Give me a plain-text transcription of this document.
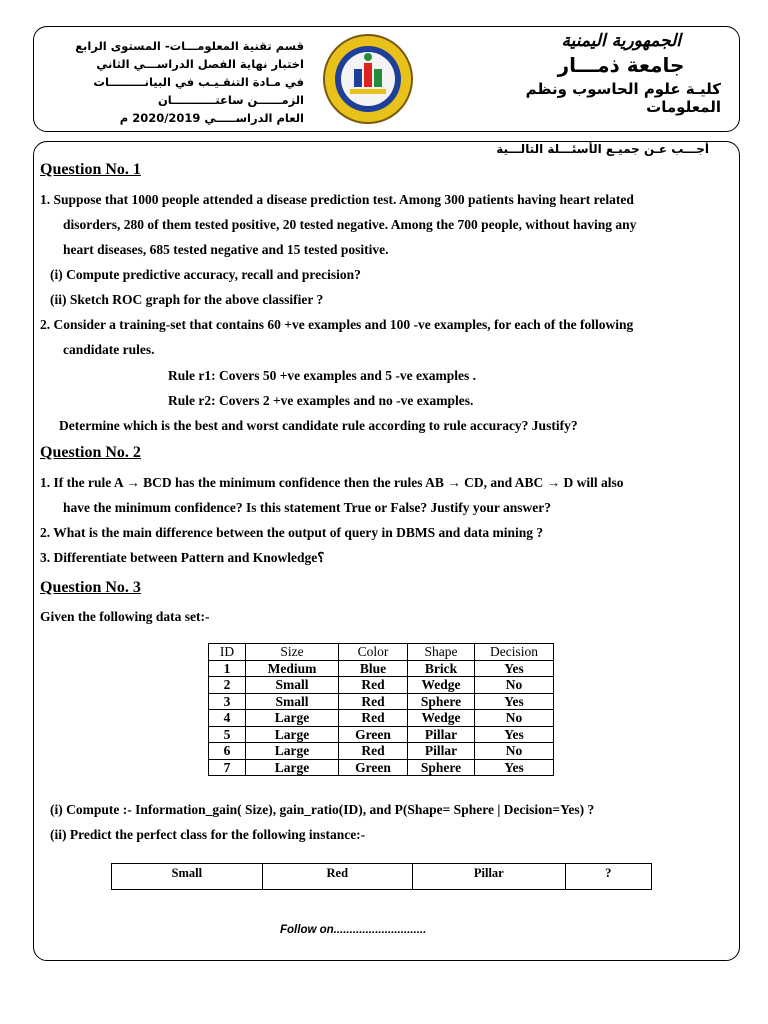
قسم تقنية المعلومـــات- المستوى الرابع
اختبار نهاية الفصل الدراســـي الثاني
في مـادة التنقـيـب في البيانـــــــــات
الزمــــــن ساعتـــــــــــان
العام الدراســـــي 2020/2019 م
الجمهورية اليمنية
جامعة ذمـــار
كليـة علوم الحاسوب ونظم المعلومات
أجـــب عـن جميـع الأسئـــلة التالـــية
Question No. 1
1. Suppose that 1000 people attended a disease prediction test. Among 300 patients having heart related
disorders, 280 of them tested positive, 20 tested negative. Among the 700 people, without having any
heart diseases, 685 tested negative and 15 tested positive.
(i) Compute predictive accuracy, recall and precision?
(ii) Sketch ROC graph for the above classifier ?
2. Consider a training-set that contains 60 +ve examples and 100 -ve examples, for each of the following
candidate rules.
Rule r1: Covers 50 +ve examples and 5 -ve examples .
Rule r2: Covers 2 +ve examples and no -ve examples.
Determine which is the best and worst candidate rule according to rule accuracy? Justify?
Question No. 2
1. If the rule A → BCD has the minimum confidence then the rules AB → CD, and ABC → D will also
have the minimum confidence? Is this statement True or False? Justify your answer?
2. What is the main difference between the output of query in DBMS and data mining ?
3. Differentiate between Pattern and Knowledge؟
Question No. 3
Given the following data set:-
ID	Size	Color	Shape	Decision
1	Medium	Blue	Brick	Yes
2	Small	Red	Wedge	No
3	Small	Red	Sphere	Yes
4	Large	Red	Wedge	No
5	Large	Green	Pillar	Yes
6	Large	Red	Pillar	No
7	Large	Green	Sphere	Yes
(i) Compute :- Information_gain( Size), gain_ratio(ID), and P(Shape= Sphere | Decision=Yes) ?
(ii) Predict the perfect class for the following instance:-
Small	Red	Pillar	?
Follow on.............................
